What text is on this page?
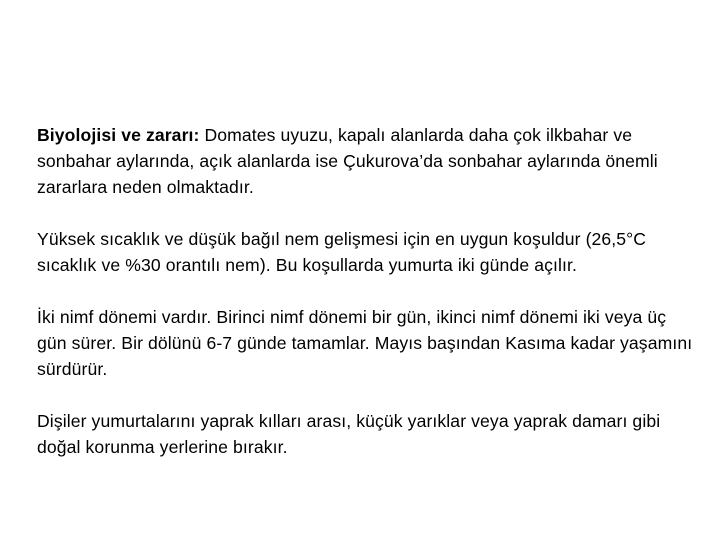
Biyolojisi ve zararı: Domates uyuzu, kapalı alanlarda daha çok ilkbahar ve sonbahar aylarında, açık alanlarda ise Çukurova’da sonbahar aylarında önemli zararlara neden olmaktadır.

Yüksek sıcaklık ve düşük bağıl nem gelişmesi için en uygun koşuldur (26,5°C sıcaklık ve %30 orantılı nem). Bu koşullarda yumurta iki günde açılır.

İki nimf dönemi vardır. Birinci nimf dönemi bir gün, ikinci nimf dönemi iki veya üç gün sürer. Bir dölünü 6-7 günde tamamlar. Mayıs başından Kasıma kadar yaşamını sürdürür.

Dişiler yumurtalarını yaprak kılları arası, küçük yarıklar veya yaprak damarı gibi doğal korunma yerlerine bırakır.
